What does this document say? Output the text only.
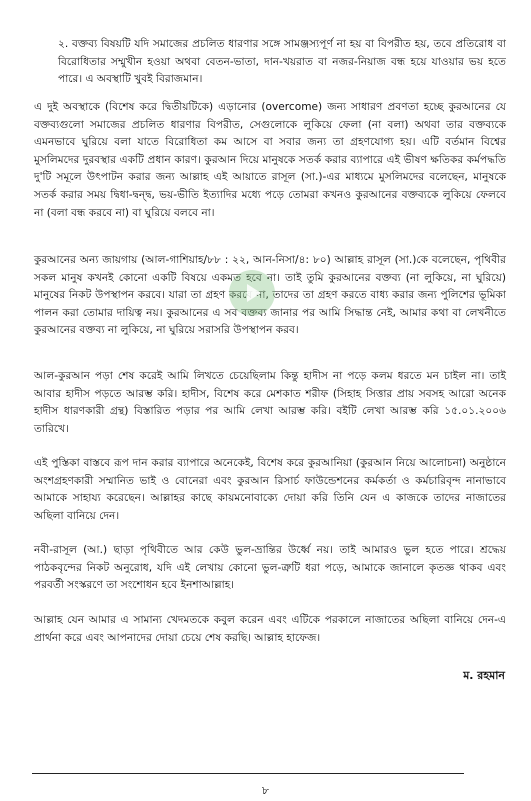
২. বক্তব্য বিষয়টি যদি সমাজের প্রচলিত ধারণার সঙ্গে সামঞ্জস্যপূর্ণ না হয় বা বিপরীত হয়, তবে প্রতিরোধ বা বিরোধিতার সম্মুখীন হওয়া অথবা বেতন-ভাতা, দান-খয়রাত বা নজর-নিয়াজ বন্ধ হয়ে যাওয়ার ভয় হতে পারে। এ অবস্থাটি খুবই বিরাজমান।

এ দুই অবস্থাকে (বিশেষ করে দ্বিতীয়টিকে) এড়ানোর (overcome) জন্য সাধারণ প্রবণতা হচ্ছে কুরআনের যে বক্তব্যগুলো সমাজের প্রচলিত ধারণার বিপরীত, সেগুলোকে লুকিয়ে ফেলা (না বলা) অথবা তার বক্তব্যকে এমনভাবে ঘুরিয়ে বলা যাতে বিরোধিতা কম আসে বা সবার জন্য তা গ্রহণযোগ্য হয়। এটি বর্তমান বিশ্বের মুসলিমদের দুরবস্থার একটি প্রধান কারণ। কুরআন দিয়ে মানুষকে সতর্ক করার ব্যাপারে এই ভীষণ ক্ষতিকর কর্মপদ্ধতি দু'টি সমূলে উৎপাটন করার জন্য আল্লাহ এই আয়াতে রাসূল (সা.)-এর মাধ্যমে মুসলিমদের বলেছেন, মানুষকে সতর্ক করার সময় দ্বিধা-দ্বন্দ্ব, ভয়-ভীতি ইত্যাদির মধ্যে পড়ে তোমরা কখনও কুরআনের বক্তব্যকে লুকিয়ে ফেলবে না (বলা বন্ধ করবে না) বা ঘুরিয়ে বলবে না।

কুরআনের অন্য জায়গায় (আল-গাশিয়াহ/৮৮ : ২২, আন-নিসা/৪: ৮০) আল্লাহ রাসূল (সা.)কে বলেছেন, পৃথিবীর সকল মানুষ কখনই কোনো একটি বিষয়ে একমত হবে না। তাই তুমি কুরআনের বক্তব্য (না লুকিয়ে, না ঘুরিয়ে) মানুষের নিকট উপস্থাপন করবে। যারা তা গ্রহণ করবে না, তাদের তা গ্রহণ করতে বাধ্য করার জন্য পুলিশের ভূমিকা পালন করা তোমার দায়িত্ব নয়। কুরআনের এ সব বক্তব্য জানার পর আমি সিদ্ধান্ত নেই, আমার কথা বা লেখনীতে কুরআনের বক্তব্য না লুকিয়ে, না ঘুরিয়ে সরাসরি উপস্থাপন করব।

আল-কুরআন পড়া শেষ করেই আমি লিখতে চেয়েছিলাম কিন্তু হাদীস না পড়ে কলম ধরতে মন চাইল না। তাই আবার হাদীস পড়তে আরম্ভ করি। হাদীস, বিশেষ করে মেশকাত শরীফ (সিহাহ সিত্তার প্রায় সবসহ আরো অনেক হাদীস ধারণকারী গ্রন্থ) বিস্তারিত পড়ার পর আমি লেখা আরম্ভ করি। বইটি লেখা আরম্ভ করি ১৫.০১.২০০৬ তারিখে।

এই পুস্তিকা বাস্তবে রূপ দান করার ব্যাপারে অনেকেই, বিশেষ করে কুরআনিয়া (কুরআন নিয়ে আলোচনা) অনুষ্ঠানে অংশগ্রহণকারী সম্মানিত ভাই ও বোনেরা এবং কুরআন রিসার্চ ফাউন্ডেশনের কর্মকর্তা ও কর্মচারিবৃন্দ নানাভাবে আমাকে সাহায্য করেছেন। আল্লাহর কাছে কায়মনোবাক্যে দোয়া করি তিনি যেন এ কাজকে তাদের নাজাতের অছিলা বানিয়ে দেন।

নবী-রাসূল (আ.) ছাড়া পৃথিবীতে আর কেউ ভুল-ভ্রান্তির উর্ধ্বে নয়। তাই আমারও ভুল হতে পারে। শ্রদ্ধেয় পাঠকবৃন্দের নিকট অনুরোধ, যদি এই লেখায় কোনো ভুল-ত্রুটি ধরা পড়ে, আমাকে জানালে কৃতজ্ঞ থাকব এবং পরবর্তী সংস্করণে তা সংশোধন হবে ইনশাআল্লাহ।

আল্লাহ যেন আমার এ সামান্য খেদমতকে কবুল করেন এবং এটিকে পরকালে নাজাতের অছিলা বানিয়ে দেন-এ প্রার্থনা করে এবং আপনাদের দোয়া চেয়ে শেষ করছি। আল্লাহ হাফেজ।

ম. রহমান
৮
